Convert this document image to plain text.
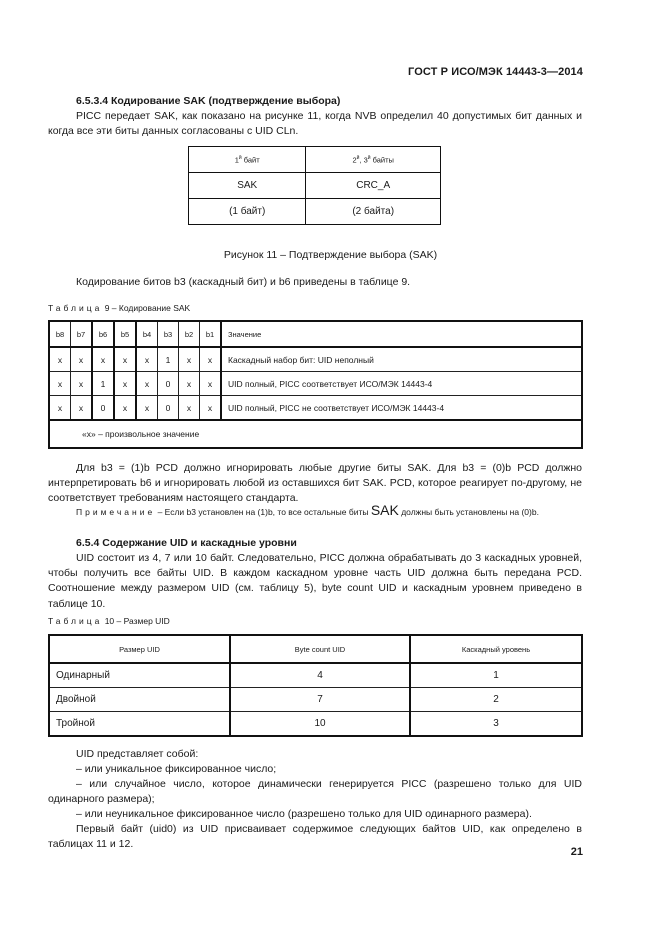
ГОСТ Р ИСО/МЭК 14443-3—2014
6.5.3.4 Кодирование SAK (подтверждение выбора)
PICC передает SAK, как показано на рисунке 11, когда NVB определил 40 допустимых бит данных и когда все эти биты данных согласованы с UID CLn.
$1^й$ байт	$2^й$, $3^й$ байты
SAK	CRC_A
(1 байт)	(2 байта)
Рисунок 11 – Подтверждение выбора (SAK)
Кодирование битов b3 (каскадный бит) и b6 приведены в таблице 9.
Таблица 9 – Кодирование SAK
b8	b7	b6	b5	b4	b3	b2	b1	Значение
x	x	x	x	x	1	x	x	Каскадный набор бит: UID неполный
x	x	1	x	x	0	x	x	UID полный, PICC соответствует ИСО/МЭК 14443-4
x	x	0	x	x	0	x	x	UID полный, PICC не соответствует ИСО/МЭК 14443-4
«x» – произвольное значение								
Для b3 = (1)b PCD должно игнорировать любые другие биты SAK. Для b3 = (0)b PCD должно интерпретировать b6 и игнорировать любой из оставшихся бит SAK. PCD, которое реагирует по-другому, не соответствует требованиям настоящего стандарта.
Примечание – Если b3 установлен на (1)b, то все остальные биты SAK должны быть установлены на (0)b.
6.5.4 Содержание UID и каскадные уровни
UID состоит из 4, 7 или 10 байт. Следовательно, PICC должна обрабатывать до 3 каскадных уровней, чтобы получить все байты UID. В каждом каскадном уровне часть UID должна быть передана PCD. Соотношение между размером UID (см. таблицу 5), byte count UID и каскадным уровнем приведено в таблице 10.
Таблица 10 – Размер UID
Размер UID	Byte count UID	Каскадный уровень
Одинарный	4	1
Двойной	7	2
Тройной	10	3
UID представляет собой:
– или уникальное фиксированное число;
– или случайное число, которое динамически генерируется PICC (разрешено только для UID одинарного размера);
– или неуникальное фиксированное число (разрешено только для UID одинарного размера).
Первый байт (uid0) из UID присваивает содержимое следующих байтов UID, как определено в таблицах 11 и 12.
21
